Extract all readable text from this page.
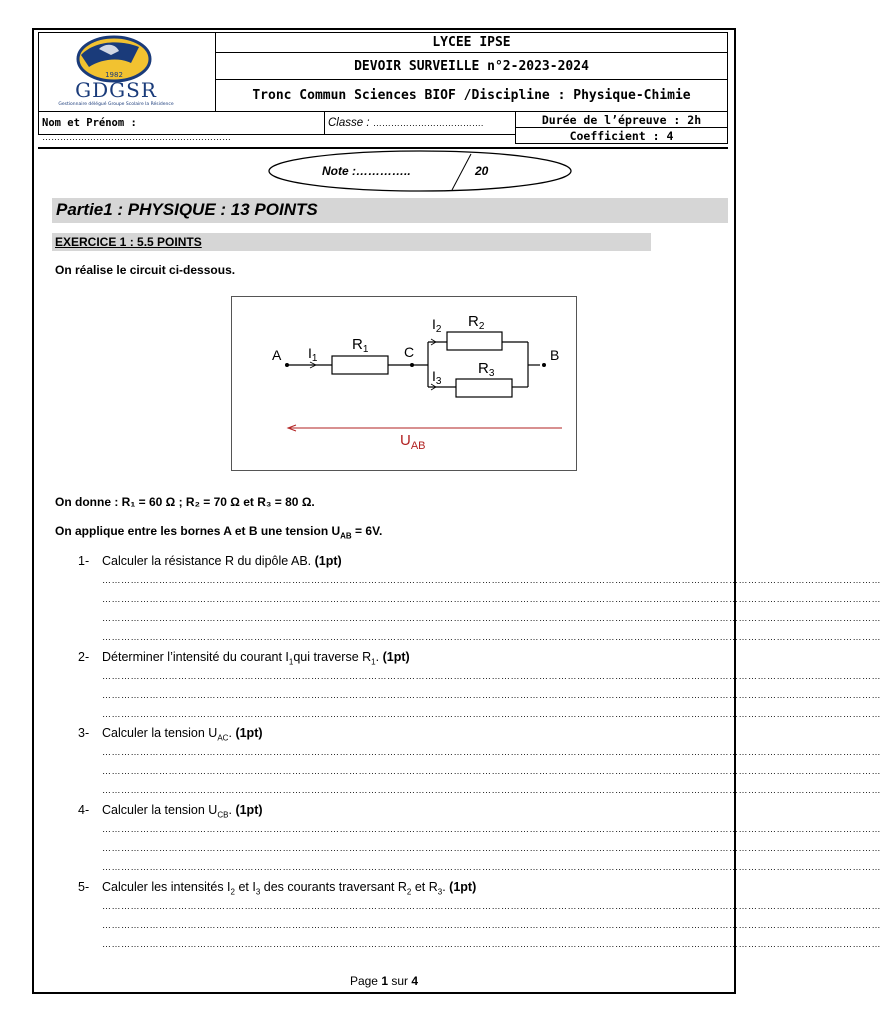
1982
GDGSR
Gestionnaire délégué Groupe Scolaire la Résidence
LYCEE IPSE
DEVOIR SURVEILLE n°2-2023-2024
Tronc Commun Sciences BIOF /Discipline : Physique-Chimie
Nom et Prénom : ………………………………………………………
Classe : ……………………………….	Durée de l’épreuve : 2h
Coefficient : 4
Note :…………..	20
Partie1 : PHYSIQUE : 13 POINTS
EXERCICE 1 : 5.5 POINTS
On réalise le circuit ci-dessous.
A	C	B
$I_1$
$I_2$
$I_3$
$R_1$
$R_2$
$R_3$
$U_{AB}$
On donne : R₁ = 60 Ω ; R₂ = 70 Ω et R₃ = 80 Ω.
On applique entre les bornes A et B une tension $U_{AB} = 6V$.
1- Calculer la résistance R du dipôle AB. (1pt)
…………………………………………………………………………………………………………………………………………………………………………………………………………………………
…………………………………………………………………………………………………………………………………………………………………………………………………………………………
…………………………………………………………………………………………………………………………………………………………………………………………………………………………
…………………………………………………………………………………………………………………………………………………………………………………………………………………………
2- Déterminer l’intensité du courant $I_1qui$ traverse $R_1$. (1pt)
…………………………………………………………………………………………………………………………………………………………………………………………………………………………
…………………………………………………………………………………………………………………………………………………………………………………………………………………………
…………………………………………………………………………………………………………………………………………………………………………………………………………………………
3- Calculer la tension $U_{AC}$. (1pt)
…………………………………………………………………………………………………………………………………………………………………………………………………………………………
…………………………………………………………………………………………………………………………………………………………………………………………………………………………
…………………………………………………………………………………………………………………………………………………………………………………………………………………………
4- Calculer la tension $U_{CB}$. (1pt)
…………………………………………………………………………………………………………………………………………………………………………………………………………………………
…………………………………………………………………………………………………………………………………………………………………………………………………………………………
…………………………………………………………………………………………………………………………………………………………………………………………………………………………
5- Calculer les intensités $I_2$ et $I_3$ des courants traversant $R_2$ et $R_3$. (1pt)
…………………………………………………………………………………………………………………………………………………………………………………………………………………………
…………………………………………………………………………………………………………………………………………………………………………………………………………………………
…………………………………………………………………………………………………………………………………………………………………………………………………………………………
Page 1 sur 4
